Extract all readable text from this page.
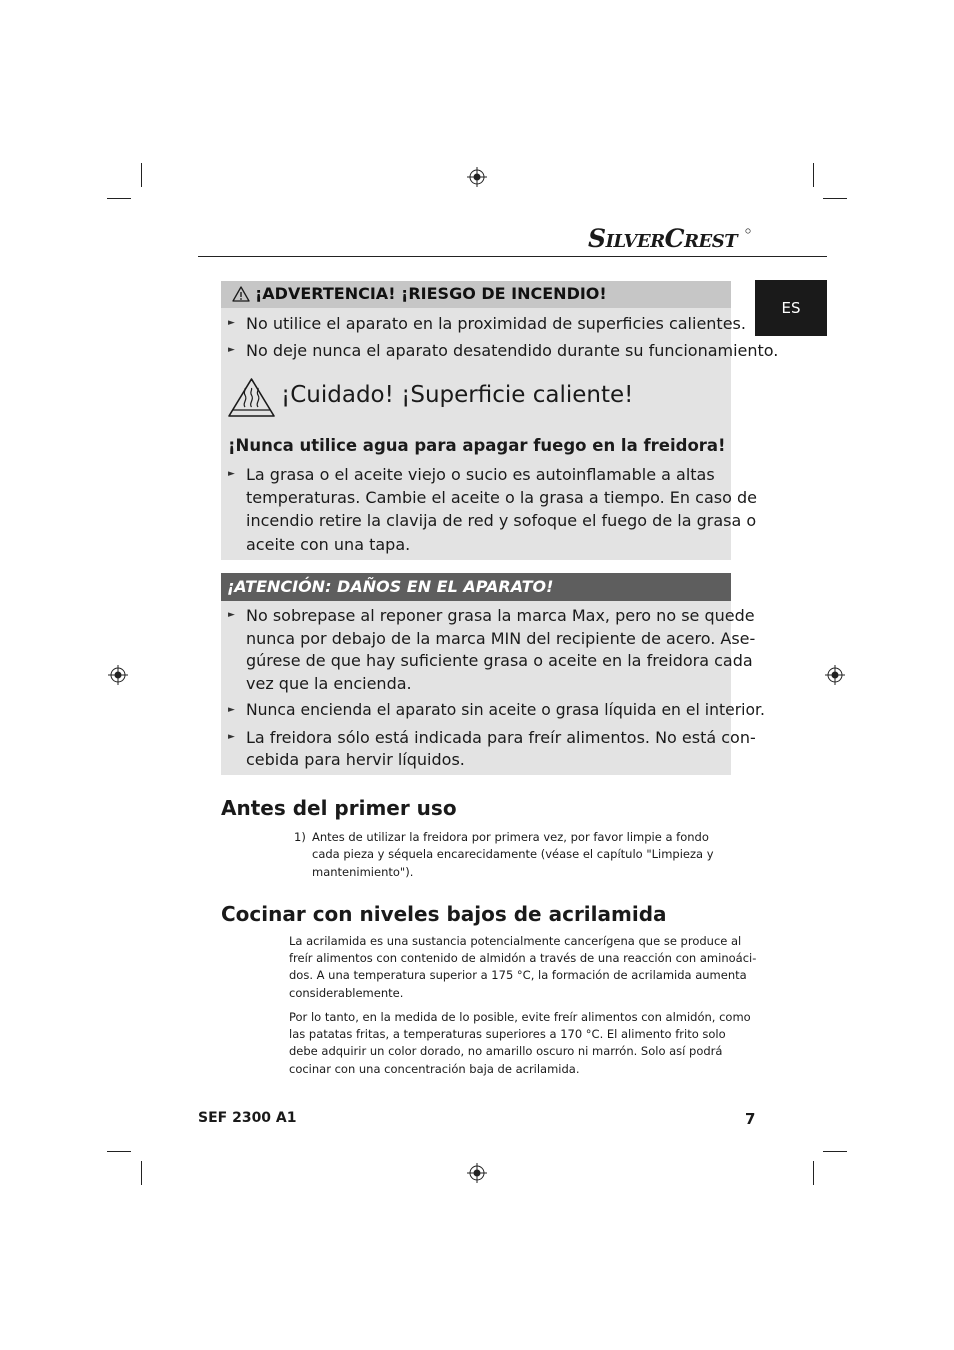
SILVERCREST
ES
¡ADVERTENCIA! ¡RIESGO DE INCENDIO!
► No utilice el aparato en la proximidad de superficies calientes.
► No deje nunca el aparato desatendido durante su funcionamiento.
¡Cuidado! ¡Superficie caliente!
¡Nunca utilice agua para apagar fuego en la freidora!
► La grasa o el aceite viejo o sucio es autoinflamable a altas
temperaturas. Cambie el aceite o la grasa a tiempo. En caso de
incendio retire la clavija de red y sofoque el fuego de la grasa o
aceite con una tapa.
¡ATENCIÓN: DAÑOS EN EL APARATO!
► No sobrepase al reponer grasa la marca Max, pero no se quede
nunca por debajo de la marca MIN del recipiente de acero. Ase-
gúrese de que hay suficiente grasa o aceite en la freidora cada
vez que la encienda.
► Nunca encienda el aparato sin aceite o grasa líquida en el interior.
► La freidora sólo está indicada para freír alimentos. No está con-
cebida para hervir líquidos.
Antes del primer uso
1) Antes de utilizar la freidora por primera vez, por favor limpie a fondo
cada pieza y séquela encarecidamente (véase el capítulo "Limpieza y
mantenimiento").
Cocinar con niveles bajos de acrilamida
La acrilamida es una sustancia potencialmente cancerígena que se produce al
freír alimentos con contenido de almidón a través de una reacción con aminoáci-
dos. A una temperatura superior a 175 °C, la formación de acrilamida aumenta
considerablemente.
Por lo tanto, en la medida de lo posible, evite freír alimentos con almidón, como
las patatas fritas, a temperaturas superiores a 170 °C. El alimento frito solo
debe adquirir un color dorado, no amarillo oscuro ni marrón. Solo así podrá
cocinar con una concentración baja de acrilamida.
SEF 2300 A1	7
